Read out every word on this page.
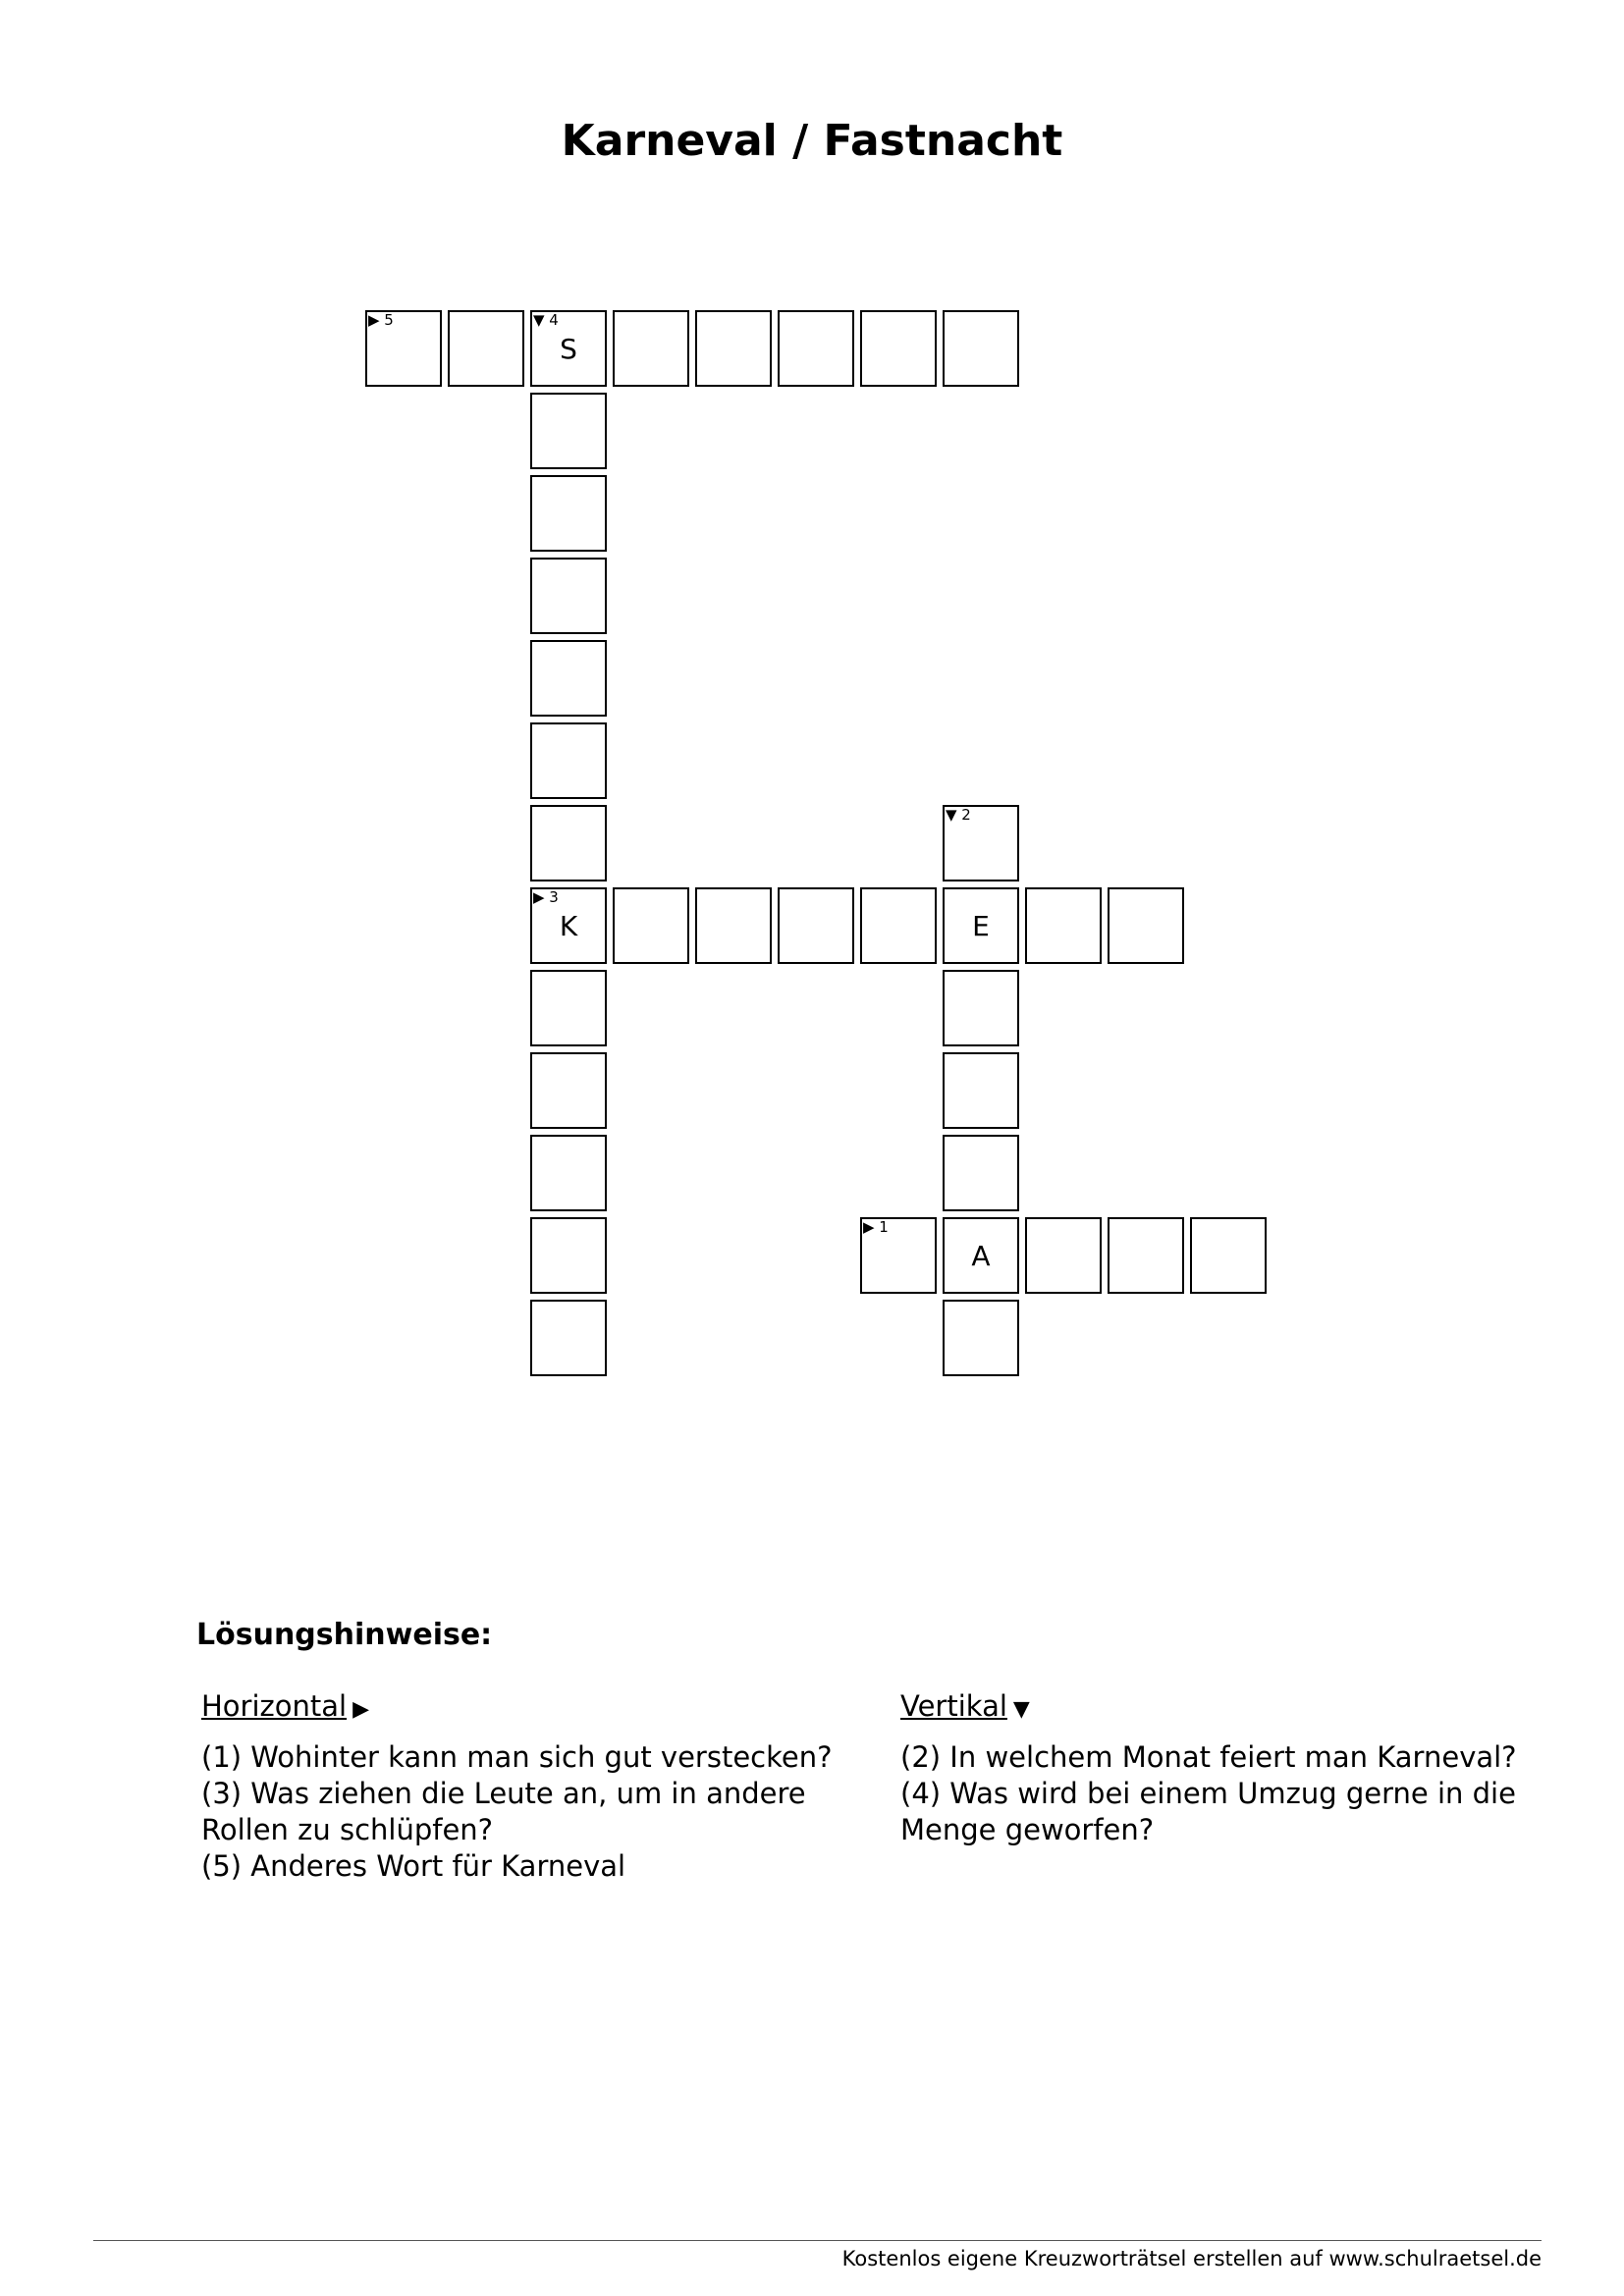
Karneval / Fastnacht
▶ 5	▼ 4
S
▼ 2
▶ 3
K	E
▶ 1
A
Lösungshinweise:
Horizontal ▶

(1) Wohinter kann man sich gut verstecken?

(3) Was ziehen die Leute an, um in andere Rollen zu schlüpfen?

(5) Anderes Wort für Karneval

Vertikal ▼

(2) In welchem Monat feiert man Karneval?

(4) Was wird bei einem Umzug gerne in die Menge geworfen?

Kostenlos eigene Kreuzworträtsel erstellen auf www.schulraetsel.de
